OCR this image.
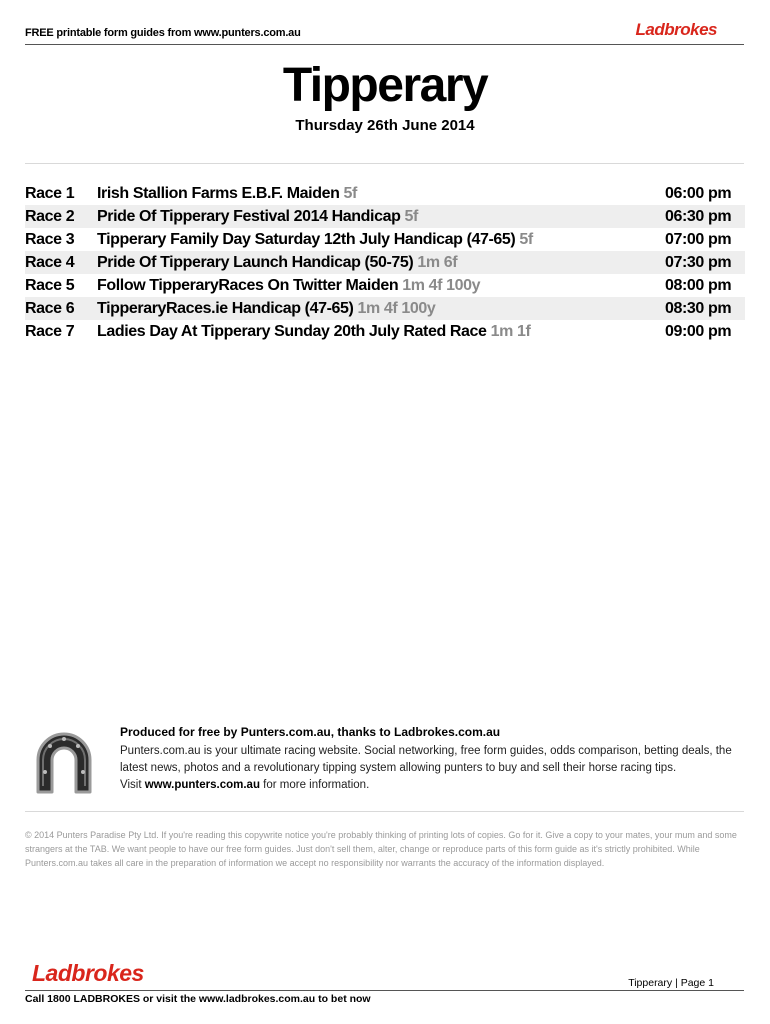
FREE printable form guides from www.punters.com.au	Ladbrokes
Tipperary
Thursday 26th June 2014
Race 1	Irish Stallion Farms E.B.F. Maiden 5f	06:00 pm
Race 2	Pride Of Tipperary Festival 2014 Handicap 5f	06:30 pm
Race 3	Tipperary Family Day Saturday 12th July Handicap (47-65) 5f	07:00 pm
Race 4	Pride Of Tipperary Launch Handicap (50-75) 1m 6f	07:30 pm
Race 5	Follow TipperaryRaces On Twitter Maiden 1m 4f 100y	08:00 pm
Race 6	TipperaryRaces.ie Handicap (47-65) 1m 4f 100y	08:30 pm
Race 7	Ladies Day At Tipperary Sunday 20th July Rated Race 1m 1f	09:00 pm
Produced for free by Punters.com.au, thanks to Ladbrokes.com.au
Punters.com.au is your ultimate racing website. Social networking, free form guides, odds comparison, betting deals, the latest news, photos and a revolutionary tipping system allowing punters to buy and sell their horse racing tips.
Visit www.punters.com.au for more information.
© 2014 Punters Paradise Pty Ltd. If you're reading this copywrite notice you're probably thinking of printing lots of copies. Go for it. Give a copy to your mates, your mum and some strangers at the TAB. We want people to have our free form guides. Just don't sell them, alter, change or reproduce parts of this form guide as it's strictly prohibited. While Punters.com.au takes all care in the preparation of information we accept no responsibility nor warrants the accuracy of the information displayed.
Ladbrokes	Tipperary | Page 1
Call 1800 LADBROKES or visit the www.ladbrokes.com.au to bet now
